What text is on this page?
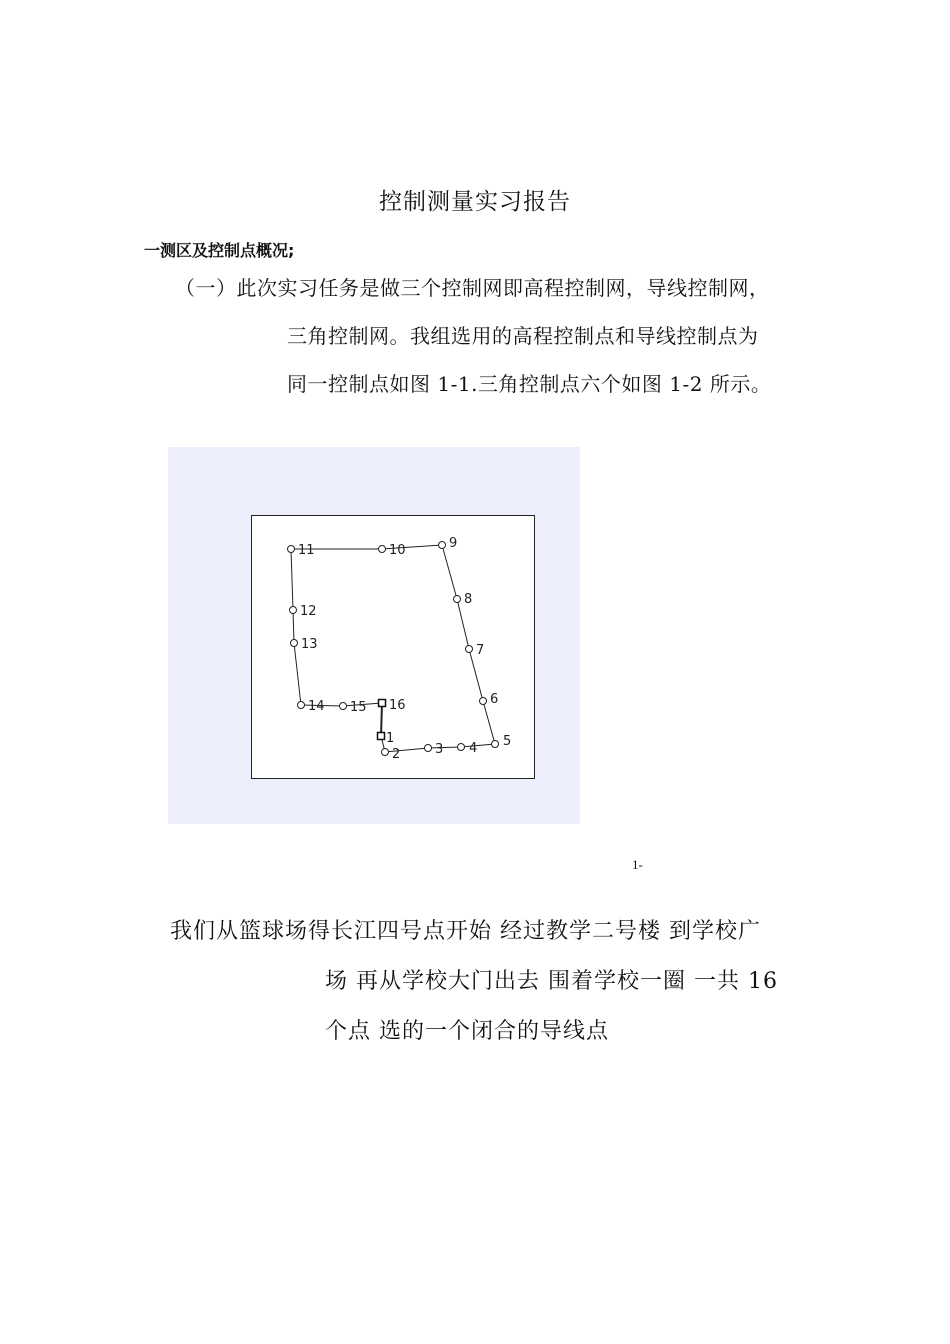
控制测量实习报告
一测区及控制点概况;
（一）此次实习任务是做三个控制网即高程控制网，导线控制网，
三角控制网。我组选用的高程控制点和导线控制点为
同一控制点如图 1-1.三角控制点六个如图 1-2 所示。
1
2	3 4 5
6
7
8
9
10
11
12
13
14 15 16
1-
我们从篮球场得长江四号点开始 经过教学二号楼 到学校广
场 再从学校大门出去 围着学校一圈 一共 16
个点 选的一个闭合的导线点
